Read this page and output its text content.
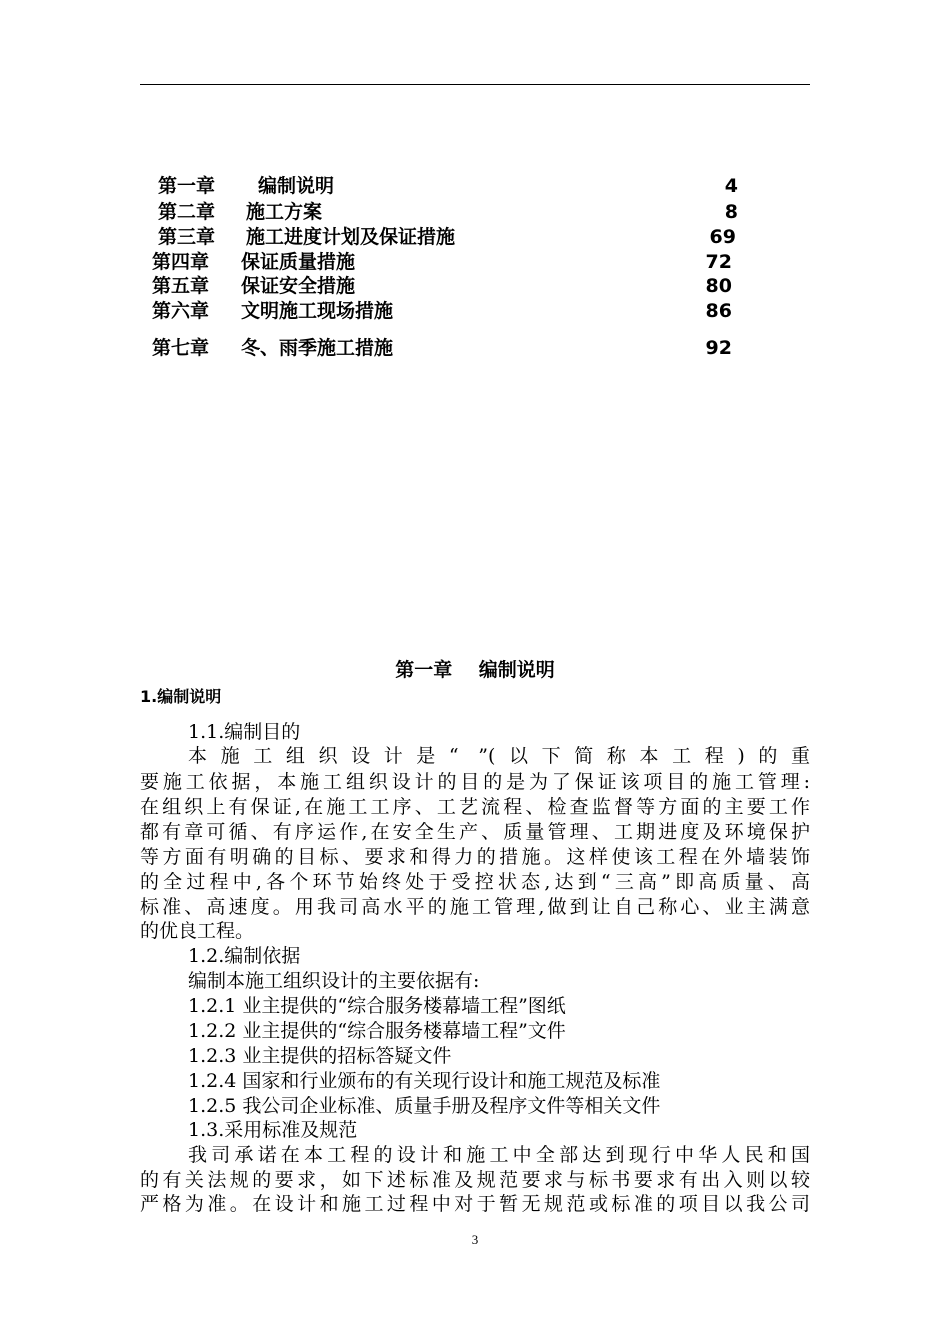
第一章 编制说明	4
第二章 施工方案	8
第三章 施工进度计划及保证措施	69
第四章 保证质量措施	72
第五章 保证安全措施	80
第六章 文明施工现场措施	86
第七章 冬、雨季施工措施	92
第一章    编制说明
1.编制说明
1.1.编制目的
本施工组织设计是“ ”(以下简称本工程)的重
要施工依据，本施工组织设计的目的是为了保证该项目的施工管理:
在组织上有保证,在施工工序、工艺流程、检查监督等方面的主要工作
都有章可循、有序运作,在安全生产、质量管理、工期进度及环境保护
等方面有明确的目标、要求和得力的措施。这样使该工程在外墙装饰
的全过程中,各个环节始终处于受控状态,达到“三高”即高质量、高
标准、高速度。用我司高水平的施工管理,做到让自己称心、业主满意
的优良工程。
1.2.编制依据
编制本施工组织设计的主要依据有:
1.2.1 业主提供的“综合服务楼幕墙工程”图纸
1.2.2 业主提供的“综合服务楼幕墙工程”文件
1.2.3 业主提供的招标答疑文件
1.2.4 国家和行业颁布的有关现行设计和施工规范及标准
1.2.5 我公司企业标准、质量手册及程序文件等相关文件
1.3.采用标准及规范
我司承诺在本工程的设计和施工中全部达到现行中华人民和国
的有关法规的要求，如下述标准及规范要求与标书要求有出入则以较
严格为准。在设计和施工过程中对于暂无规范或标准的项目以我公司
3
